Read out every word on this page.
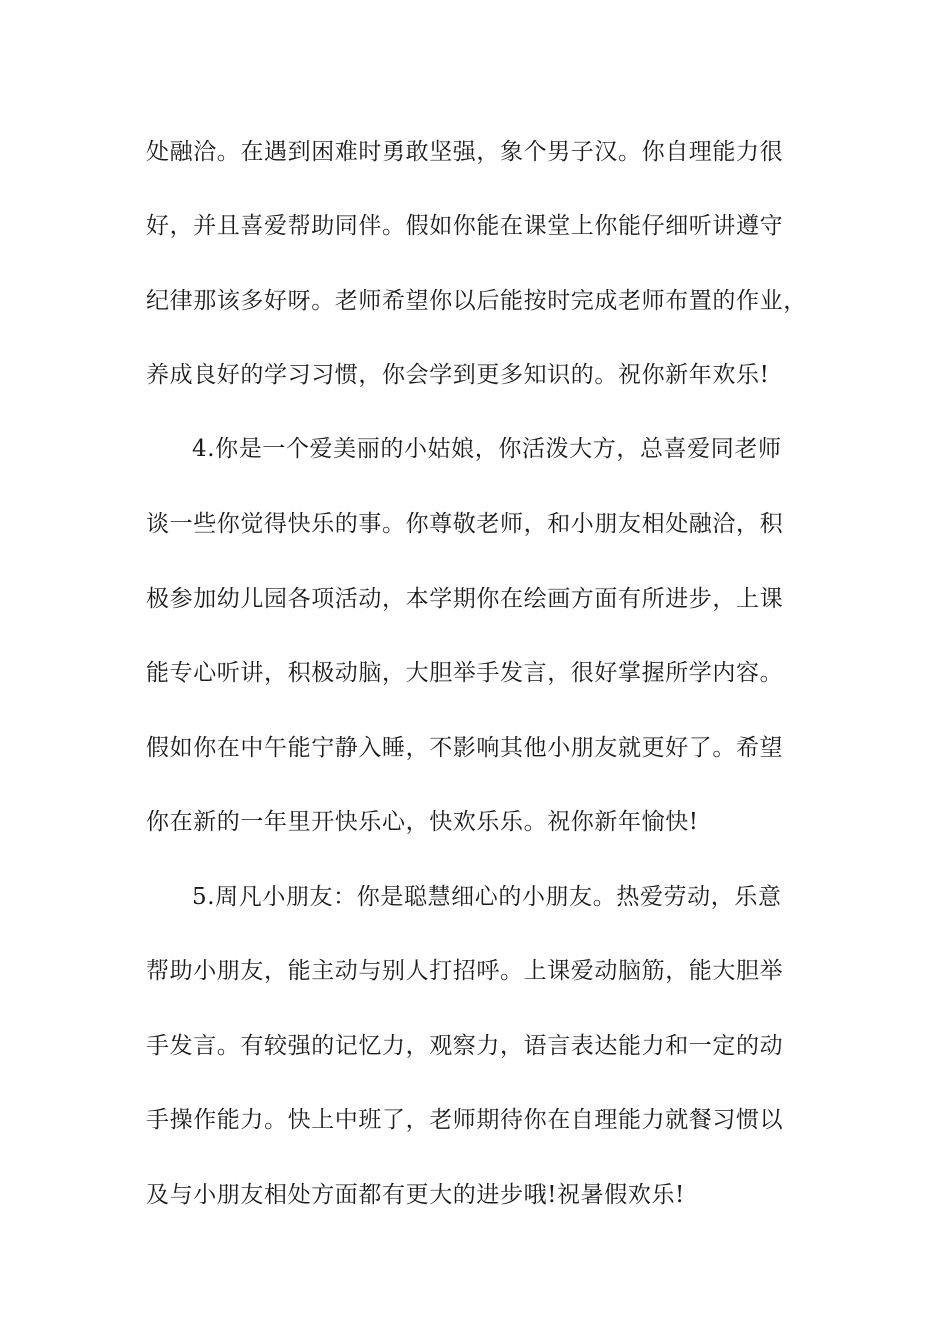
处融洽。在遇到困难时勇敢坚强，象个男子汉。你自理能力很
好，并且喜爱帮助同伴。假如你能在课堂上你能仔细听讲遵守
纪律那该多好呀。老师希望你以后能按时完成老师布置的作业，
养成良好的学习习惯，你会学到更多知识的。祝你新年欢乐!
4.你是一个爱美丽的小姑娘，你活泼大方，总喜爱同老师
谈一些你觉得快乐的事。你尊敬老师，和小朋友相处融洽，积
极参加幼儿园各项活动，本学期你在绘画方面有所进步，上课
能专心听讲，积极动脑，大胆举手发言，很好掌握所学内容。
假如你在中午能宁静入睡，不影响其他小朋友就更好了。希望
你在新的一年里开快乐心，快欢乐乐。祝你新年愉快!
5.周凡小朋友：你是聪慧细心的小朋友。热爱劳动，乐意
帮助小朋友，能主动与别人打招呼。上课爱动脑筋，能大胆举
手发言。有较强的记忆力，观察力，语言表达能力和一定的动
手操作能力。快上中班了，老师期待你在自理能力就餐习惯以
及与小朋友相处方面都有更大的进步哦!祝暑假欢乐!
